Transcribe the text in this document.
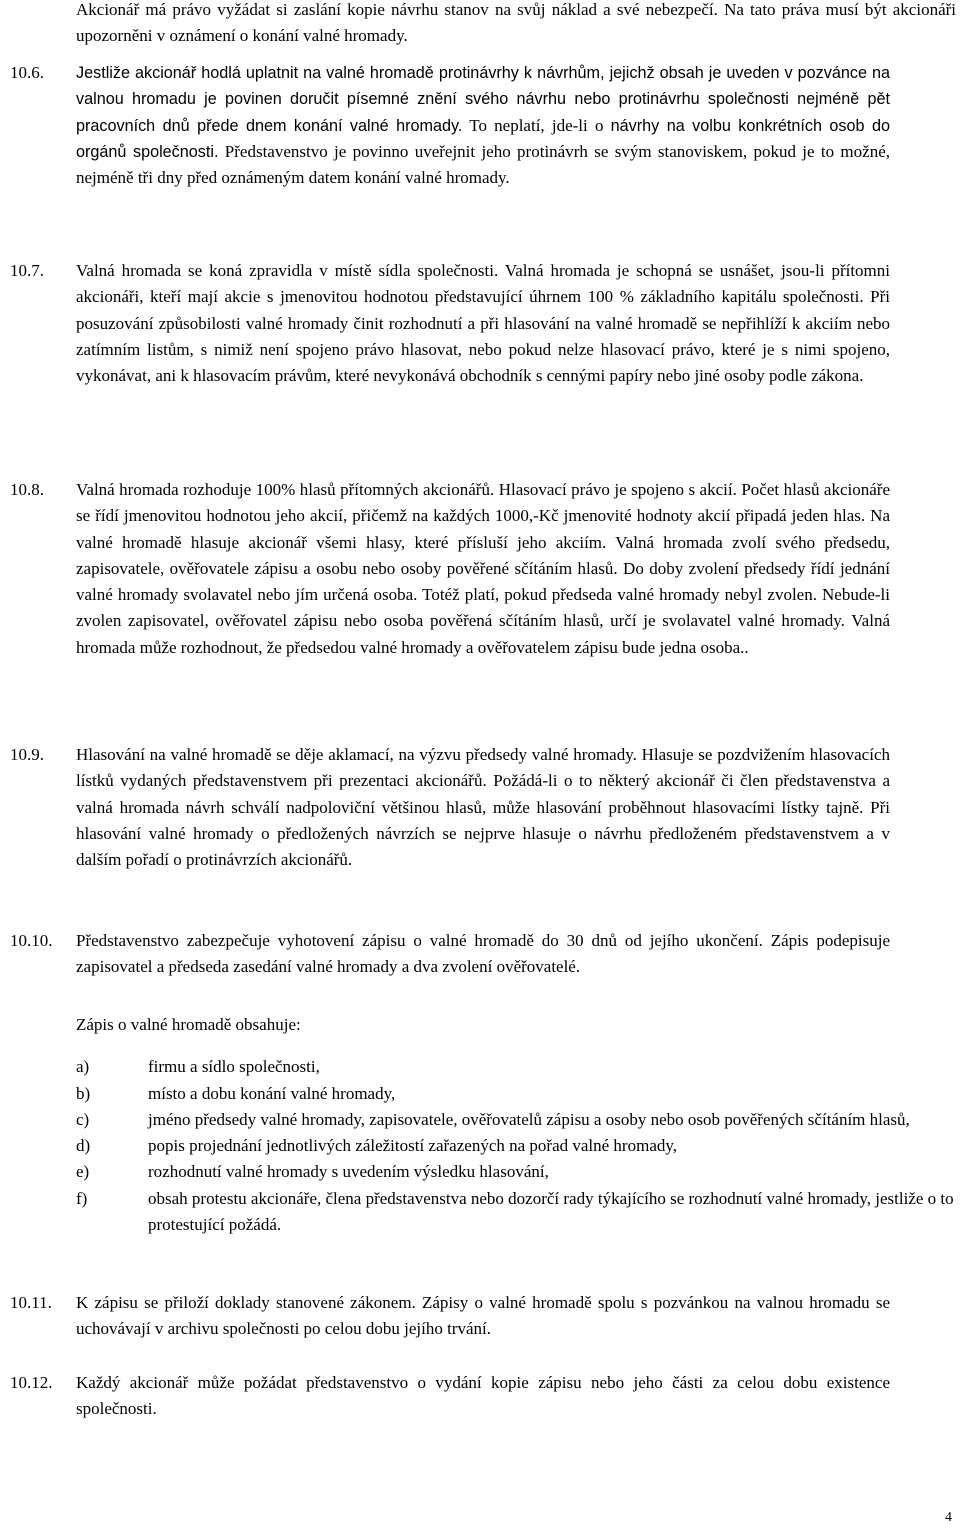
Akcionář má právo vyžádat si zaslání kopie návrhu stanov na svůj náklad a své nebezpečí. Na tato práva musí být akcionáři upozorněni v oznámení o konání valné hromady.
10.6.	Jestliže akcionář hodlá uplatnit na valné hromadě protinávrhy k návrhům, jejichž obsah je uveden v pozvánce na valnou hromadu je povinen doručit písemné znění svého návrhu nebo protinávrhu společnosti nejméně pět pracovních dnů přede dnem konání valné hromady. To neplatí, jde-li o návrhy na volbu konkrétních osob do orgánů společnosti. Představenstvo je povinno uveřejnit jeho protinávrh se svým stanoviskem, pokud je to možné, nejméně tři dny před oznámeným datem konání valné hromady.
10.7.	Valná hromada se koná zpravidla v místě sídla společnosti. Valná hromada je schopná se usnášet, jsou-li přítomni akcionáři, kteří mají akcie s jmenovitou hodnotou představující úhrnem 100 % základního kapitálu společnosti. Při posuzování způsobilosti valné hromady činit rozhodnutí a při hlasování na valné hromadě se nepřihlíží k akciím nebo zatímním listům, s nimiž není spojeno právo hlasovat, nebo pokud nelze hlasovací právo, které je s nimi spojeno, vykonávat, ani k hlasovacím právům, které nevykonává obchodník s cennými papíry nebo jiné osoby podle zákona.
10.8.	Valná hromada rozhoduje 100% hlasů přítomných akcionářů. Hlasovací právo je spojeno s akcií. Počet hlasů akcionáře se řídí jmenovitou hodnotou jeho akcií, přičemž na každých 1000,-Kč jmenovité hodnoty akcií připadá jeden hlas. Na valné hromadě hlasuje akcionář všemi hlasy, které přísluší jeho akciím. Valná hromada zvolí svého předsedu, zapisovatele, ověřovatele zápisu a osobu nebo osoby pověřené sčítáním hlasů. Do doby zvolení předsedy řídí jednání valné hromady svolavatel nebo jím určená osoba. Totéž platí, pokud předseda valné hromady nebyl zvolen. Nebude-li zvolen zapisovatel, ověřovatel zápisu nebo osoba pověřená sčítáním hlasů, určí je svolavatel valné hromady. Valná hromada může rozhodnout, že předsedou valné hromady a ověřovatelem zápisu bude jedna osoba..
10.9.	Hlasování na valné hromadě se děje aklamací, na výzvu předsedy valné hromady. Hlasuje se pozdvižením hlasovacích lístků vydaných představenstvem při prezentaci akcionářů. Požádá-li o to některý akcionář či člen představenstva a valná hromada návrh schválí nadpoloviční většinou hlasů, může hlasování proběhnout hlasovacími lístky tajně. Při hlasování valné hromady o předložených návrzích se nejprve hlasuje o návrhu předloženém představenstvem a v dalším pořadí o protinávrzích akcionářů.
10.10.	Představenstvo zabezpečuje vyhotovení zápisu o valné hromadě do 30 dnů od jejího ukončení. Zápis podepisuje zapisovatel a předseda zasedání valné hromady a dva zvolení ověřovatelé.
Zápis o valné hromadě obsahuje:
a)	firmu a sídlo společnosti,
b)	místo a dobu konání valné hromady,
c)	jméno předsedy valné hromady, zapisovatele, ověřovatelů zápisu a osoby nebo osob pověřených sčítáním hlasů,
d)	popis projednání jednotlivých záležitostí zařazených na pořad valné hromady,
e)	rozhodnutí valné hromady s uvedením výsledku hlasování,
f)	obsah protestu akcionáře, člena představenstva nebo dozorčí rady týkajícího se rozhodnutí valné hromady, jestliže o to protestující požádá.
10.11.	K zápisu se přiloží doklady stanovené zákonem. Zápisy o valné hromadě spolu s pozvánkou na valnou hromadu se uchovávají v archivu společnosti po celou dobu jejího trvání.
10.12.	Každý akcionář může požádat představenstvo o vydání kopie zápisu nebo jeho části za celou dobu existence společnosti.
4
